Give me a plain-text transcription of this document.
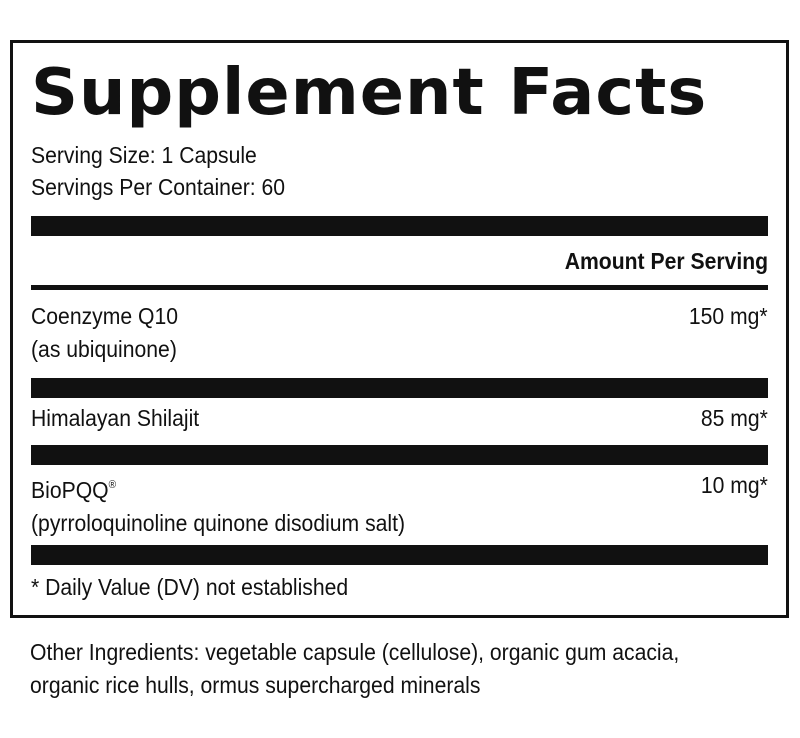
Supplement Facts
Serving Size: 1 Capsule
Servings Per Container: 60
Amount Per Serving
Coenzyme Q10
(as ubiquinone)
150 mg*
Himalayan Shilajit	85 mg*
BioPQQ®
(pyrroloquinoline quinone disodium salt)
10 mg*
* Daily Value (DV) not established
Other Ingredients: vegetable capsule (cellulose), organic gum acacia,
organic rice hulls, ormus supercharged minerals
